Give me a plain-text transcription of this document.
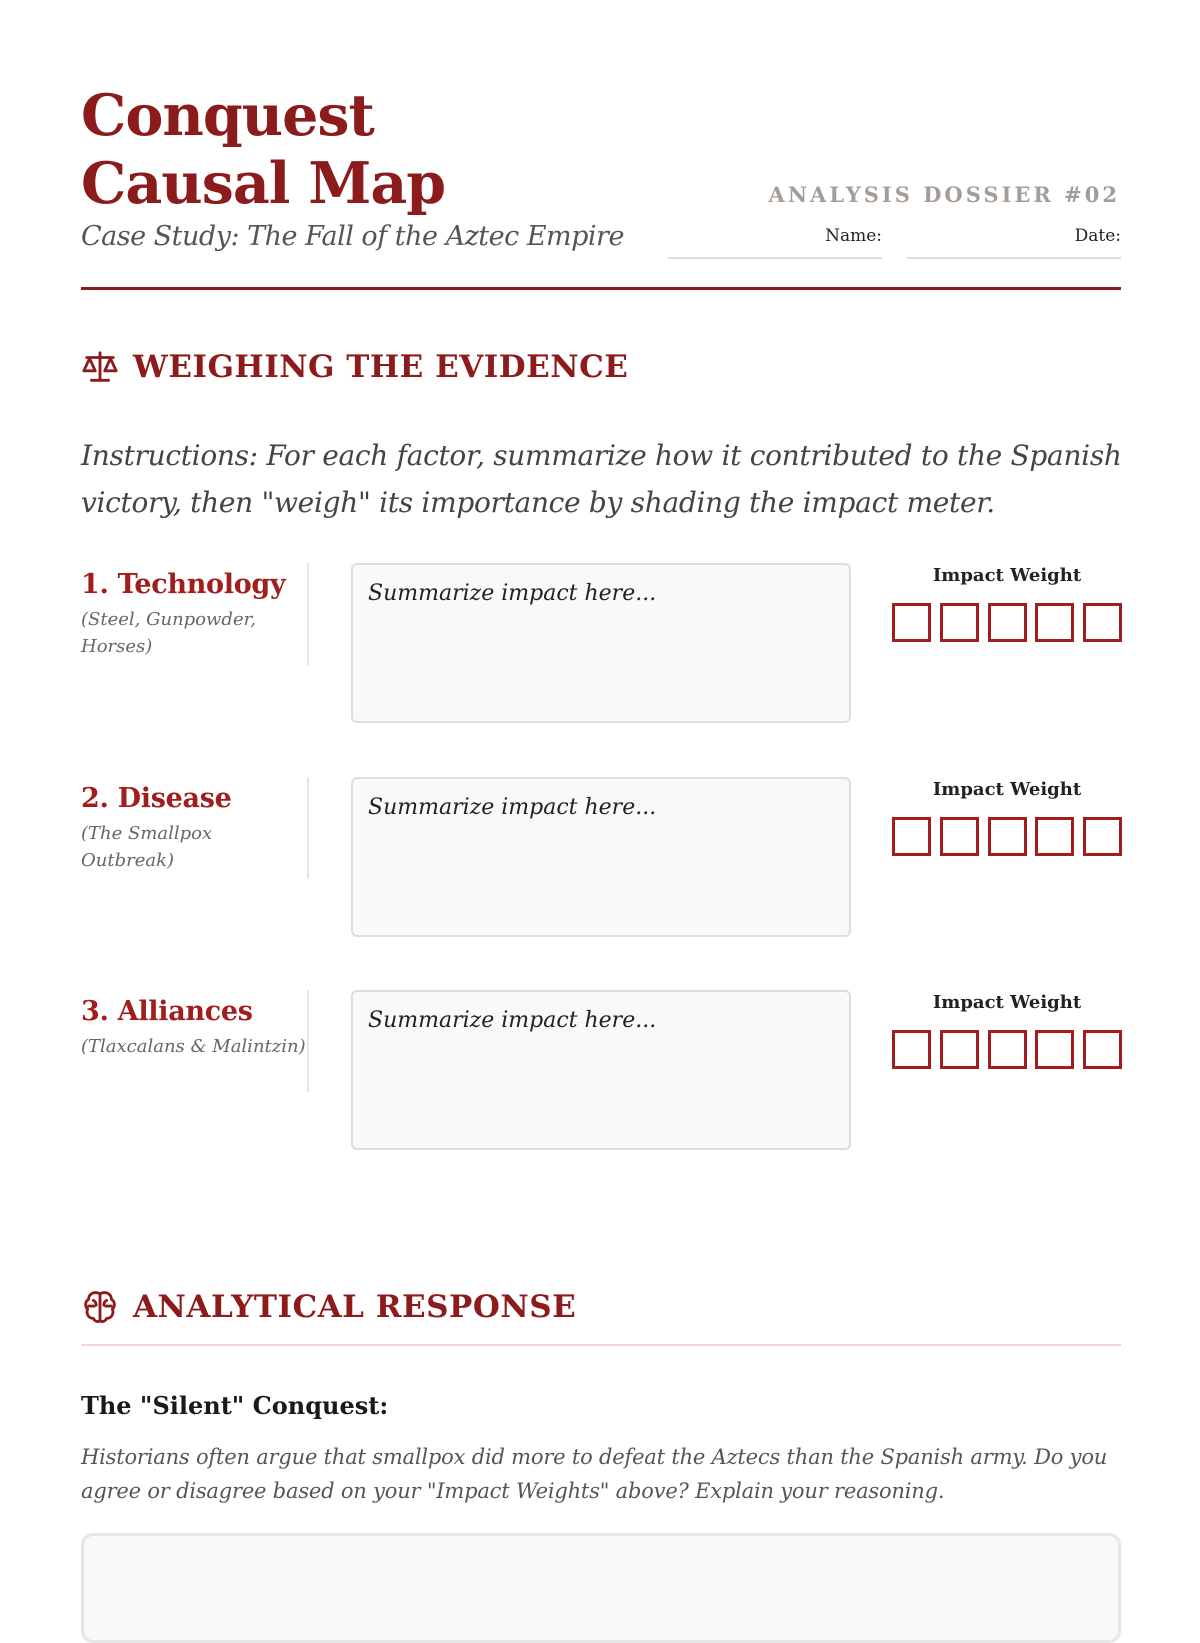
Conquest Causal Map
Case Study: The Fall of the Aztec Empire
ANALYSIS DOSSIER #02
Name:	Date:
WEIGHING THE EVIDENCE
Instructions: For each factor, summarize how it contributed to the Spanish victory, then "weigh" its importance by shading the impact meter.
1. Technology
(Steel, Gunpowder, Horses)
Summarize impact here...
Impact Weight
2. Disease
(The Smallpox Outbreak)
Summarize impact here...
Impact Weight
3. Alliances
(Tlaxcalans & Malintzin)
Summarize impact here...
Impact Weight
ANALYTICAL RESPONSE
The "Silent" Conquest:
Historians often argue that smallpox did more to defeat the Aztecs than the Spanish army. Do you agree or disagree based on your "Impact Weights" above? Explain your reasoning.
